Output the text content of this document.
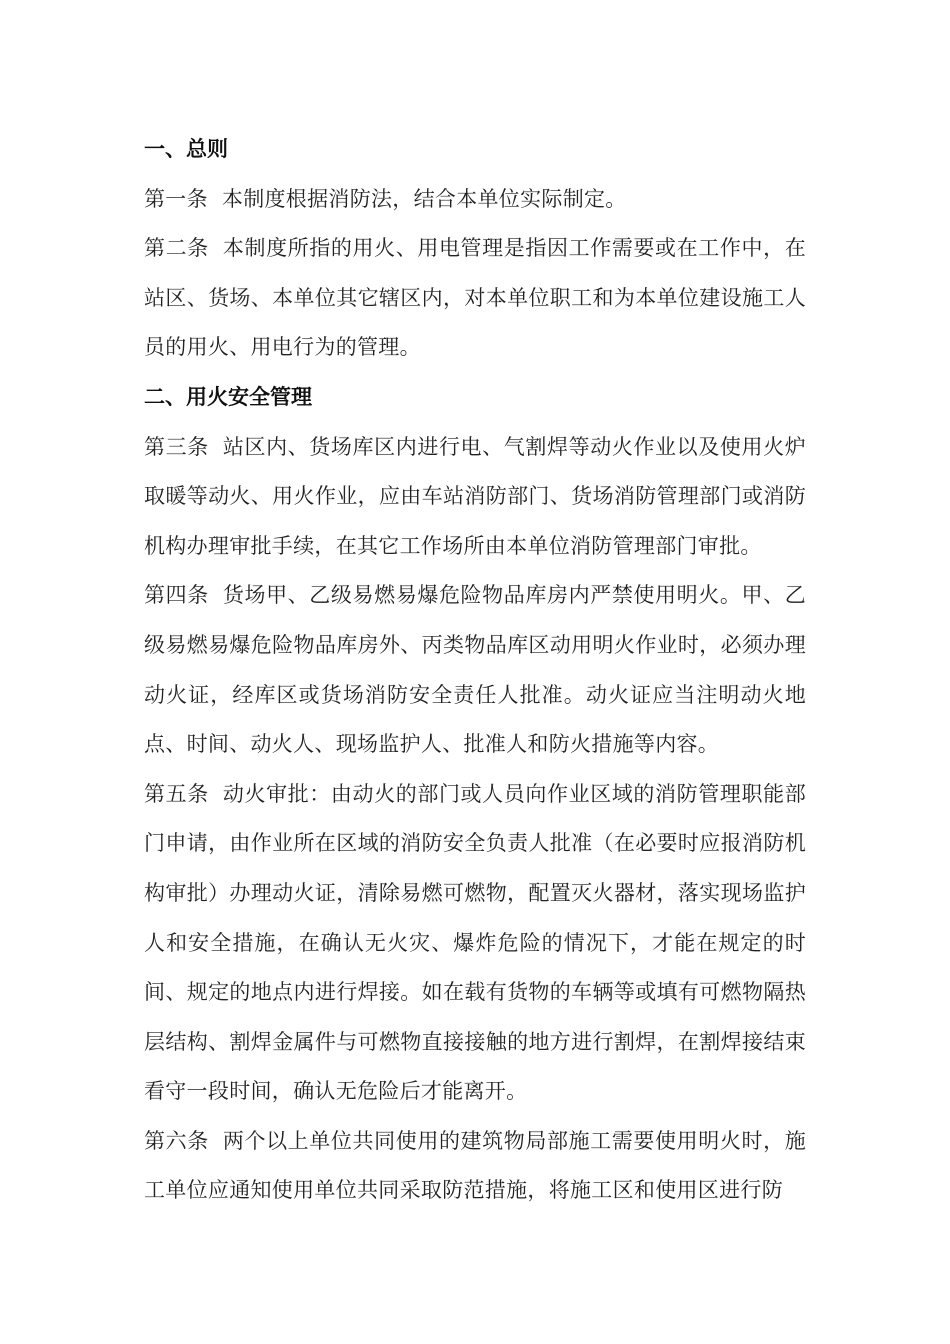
一、总则

第一条 本制度根据消防法，结合本单位实际制定。

第二条 本制度所指的用火、用电管理是指因工作需要或在工作中，在站区、货场、本单位其它辖区内，对本单位职工和为本单位建设施工人员的用火、用电行为的管理。

二、用火安全管理

第三条 站区内、货场库区内进行电、气割焊等动火作业以及使用火炉取暖等动火、用火作业，应由车站消防部门、货场消防管理部门或消防机构办理审批手续，在其它工作场所由本单位消防管理部门审批。

第四条 货场甲、乙级易燃易爆危险物品库房内严禁使用明火。甲、乙级易燃易爆危险物品库房外、丙类物品库区动用明火作业时，必须办理动火证，经库区或货场消防安全责任人批准。动火证应当注明动火地点、时间、动火人、现场监护人、批准人和防火措施等内容。

第五条 动火审批：由动火的部门或人员向作业区域的消防管理职能部门申请，由作业所在区域的消防安全负责人批准（在必要时应报消防机构审批）办理动火证，清除易燃可燃物，配置灭火器材，落实现场监护人和安全措施，在确认无火灾、爆炸危险的情况下，才能在规定的时间、规定的地点内进行焊接。如在载有货物的车辆等或填有可燃物隔热层结构、割焊金属件与可燃物直接接触的地方进行割焊，在割焊接结束看守一段时间，确认无危险后才能离开。

第六条 两个以上单位共同使用的建筑物局部施工需要使用明火时，施工单位应通知使用单位共同采取防范措施，将施工区和使用区进行防
